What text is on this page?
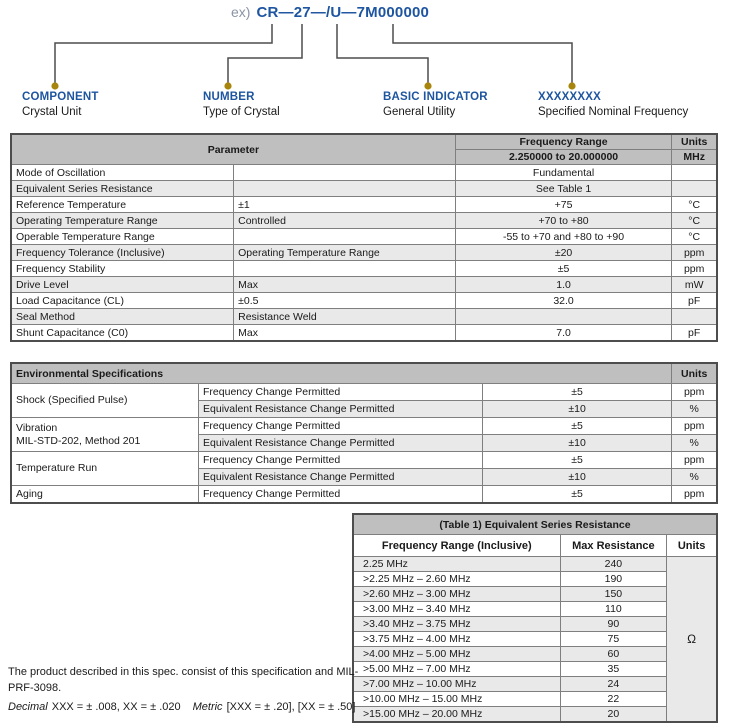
ex) CR—27—/U—7M000000
COMPONENT
Crystal Unit
NUMBER
Type of Crystal
BASIC INDICATOR
General Utility
XXXXXXXX
Specified Nominal Frequency
Parameter		Frequency Range	Units
		2.250000 to 20.000000	MHz
Mode of Oscillation		Fundamental	
Equivalent Series Resistance		See Table 1	
Reference Temperature	±1	+75	°C
Operating Temperature Range	Controlled	+70 to +80	°C
Operable Temperature Range		-55 to +70 and +80 to +90	°C
Frequency Tolerance (Inclusive)	Operating Temperature Range	±20	ppm
Frequency Stability		±5	ppm
Drive Level	Max	1.0	mW
Load Capacitance (CL)	±0.5	32.0	pF
Seal Method	Resistance Weld		
Shunt Capacitance (C0)	Max	7.0	pF
Environmental Specifications			Units

Shock (Specified Pulse)	Frequency Change Permitted	±5	ppm
	Equivalent Resistance Change Permitted	±10	%

Vibration
MIL-STD-202, Method 201	Frequency Change Permitted	±5	ppm
	Equivalent Resistance Change Permitted	±10	%

Temperature Run	Frequency Change Permitted	±5	ppm
	Equivalent Resistance Change Permitted	±10	%

Aging	Frequency Change Permitted	±5	ppm
(Table 1) Equivalent Series Resistance		
Frequency Range (Inclusive)	Max Resistance	Units
2.25 MHz	240	Ω
>2.25 MHz – 2.60 MHz	190	
>2.60 MHz – 3.00 MHz	150	
>3.00 MHz – 3.40 MHz	110	
>3.40 MHz – 3.75 MHz	90	
>3.75 MHz – 4.00 MHz	75	
>4.00 MHz – 5.00 MHz	60	
>5.00 MHz – 7.00 MHz	35	
>7.00 MHz – 10.00 MHz	24	
>10.00 MHz – 15.00 MHz	22	
>15.00 MHz – 20.00 MHz	20	
The product described in this spec. consist of this specification and MIL-PRF-3098.
Decimal XXX = ± .008, XX = ± .020 Metric [XXX = ± .20], [XX = ± .50]
